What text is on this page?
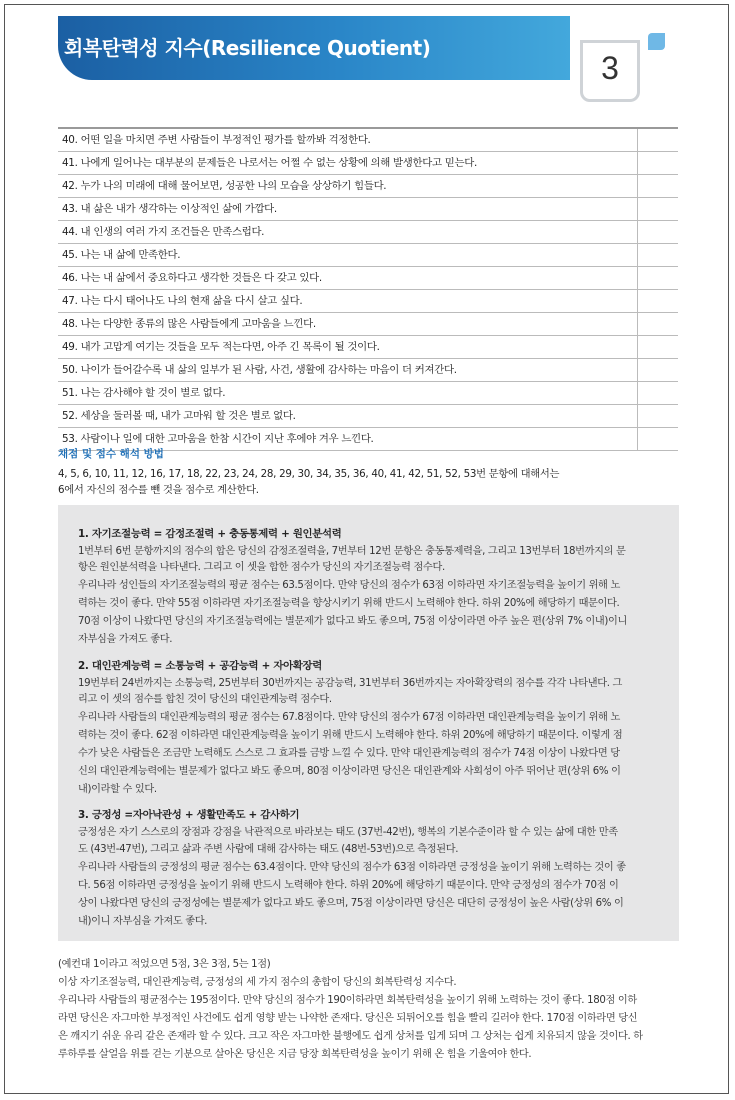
회복탄력성 지수(Resilience Quotient)
3
40. 어떤 일을 마치면 주변 사람들이 부정적인 평가를 할까봐 걱정한다.
41. 나에게 일어나는 대부분의 문제들은 나로서는 어쩔 수 없는 상황에 의해 발생한다고 믿는다.
42. 누가 나의 미래에 대해 물어보면, 성공한 나의 모습을 상상하기 힘들다.
43. 내 삶은 내가 생각하는 이상적인 삶에 가깝다.
44. 내 인생의 여러 가지 조건들은 만족스럽다.
45. 나는 내 삶에 만족한다.
46. 나는 내 삶에서 중요하다고 생각한 것들은 다 갖고 있다.
47. 나는 다시 태어나도 나의 현재 삶을 다시 살고 싶다.
48. 나는 다양한 종류의 많은 사람들에게 고마움을 느낀다.
49. 내가 고맙게 여기는 것들을 모두 적는다면, 아주 긴 목록이 될 것이다.
50. 나이가 들어갈수록 내 삶의 일부가 된 사람, 사건, 생활에 감사하는 마음이 더 커져간다.
51. 나는 감사해야 할 것이 별로 없다.
52. 세상을 둘러볼 때, 내가 고마워 할 것은 별로 없다.
53. 사람이나 일에 대한 고마움을 한참 시간이 지난 후에야 겨우 느낀다.
채점 및 점수 해석 방법
4, 5, 6, 10, 11, 12, 16, 17, 18, 22, 23, 24, 28, 29, 30, 34, 35, 36, 40, 41, 42, 51, 52, 53번 문항에 대해서는
6에서 자신의 점수를 뺀 것을 점수로 계산한다.
1. 자기조절능력 = 감정조절력 + 충동통제력 + 원인분석력
1번부터 6번 문항까지의 점수의 합은 당신의 감정조절력을, 7번부터 12번 문항은 충동통제력을, 그리고 13번부터 18번까지의 문
항은 원인분석력을 나타낸다. 그리고 이 셋을 합한 점수가 당신의 자기조절능력 점수다.
우리나라 성인들의 자기조절능력의 평균 점수는 63.5점이다. 만약 당신의 점수가 63점 이하라면 자기조절능력을 높이기 위해 노
력하는 것이 좋다. 만약 55점 이하라면 자기조절능력을 향상시키기 위해 반드시 노력해야 한다. 하위 20%에 해당하기 때문이다.
70점 이상이 나왔다면 당신의 자기조절능력에는 별문제가 없다고 봐도 좋으며, 75점 이상이라면 아주 높은 편(상위 7% 이내)이니
자부심을 가져도 좋다.
2. 대인관계능력 = 소통능력 + 공감능력 + 자아확장력
19번부터 24번까지는 소통능력, 25번부터 30번까지는 공감능력, 31번부터 36번까지는 자아확장력의 점수를 각각 나타낸다. 그
리고 이 셋의 점수를 합친 것이 당신의 대인관계능력 점수다.
우리나라 사람들의 대인관계능력의 평균 점수는 67.8점이다. 만약 당신의 점수가 67점 이하라면 대인관계능력을 높이기 위해 노
력하는 것이 좋다. 62점 이하라면 대인관계능력을 높이기 위해 반드시 노력해야 한다. 하위 20%에 해당하기 때문이다. 이렇게 점
수가 낮은 사람들은 조금만 노력해도 스스로 그 효과를 금방 느낄 수 있다. 만약 대인관계능력의 점수가 74점 이상이 나왔다면 당
신의 대인관계능력에는 별문제가 없다고 봐도 좋으며, 80점 이상이라면 당신은 대인관계와 사회성이 아주 뛰어난 편(상위 6% 이
내)이라할 수 있다.
3. 긍정성 =자아낙관성 + 생활만족도 + 감사하기
긍정성은 자기 스스로의 장점과 강점을 낙관적으로 바라보는 태도 (37번-42번), 행복의 기본수준이라 할 수 있는 삶에 대한 만족
도 (43번-47번), 그리고 삶과 주변 사람에 대해 감사하는 태도 (48번-53번)으로 측정된다.
우리나라 사람들의 긍정성의 평균 점수는 63.4점이다. 만약 당신의 점수가 63점 이하라면 긍정성을 높이기 위해 노력하는 것이 좋
다. 56점 이하라면 긍정성을 높이기 위해 반드시 노력해야 한다. 하위 20%에 해당하기 때문이다. 만약 긍정성의 점수가 70점 이
상이 나왔다면 당신의 긍정성에는 별문제가 없다고 봐도 좋으며, 75점 이상이라면 당신은 대단히 긍정성이 높은 사람(상위 6% 이
내)이니 자부심을 가져도 좋다.
(예컨대 1이라고 적었으면 5점, 3은 3점, 5는 1점)
이상 자기조절능력, 대인관계능력, 긍정성의 세 가지 점수의 총합이 당신의 회복탄력성 지수다.
우리나라 사람들의 평균점수는 195점이다. 만약 당신의 점수가 190이하라면 회복탄력성을 높이기 위해 노력하는 것이 좋다. 180점 이하
라면 당신은 자그마한 부정적인 사건에도 쉽게 영향 받는 나약한 존재다. 당신은 되튀어오를 힘을 빨리 길러야 한다. 170점 이하라면 당신
은 깨지기 쉬운 유리 같은 존재라 할 수 있다. 크고 작은 자그마한 불행에도 쉽게 상처를 입게 되며 그 상처는 쉽게 치유되지 않을 것이다. 하
루하루를 살얼음 위를 걷는 기분으로 살아온 당신은 지금 당장 회복탄력성을 높이기 위해 온 힘을 기울여야 한다.
